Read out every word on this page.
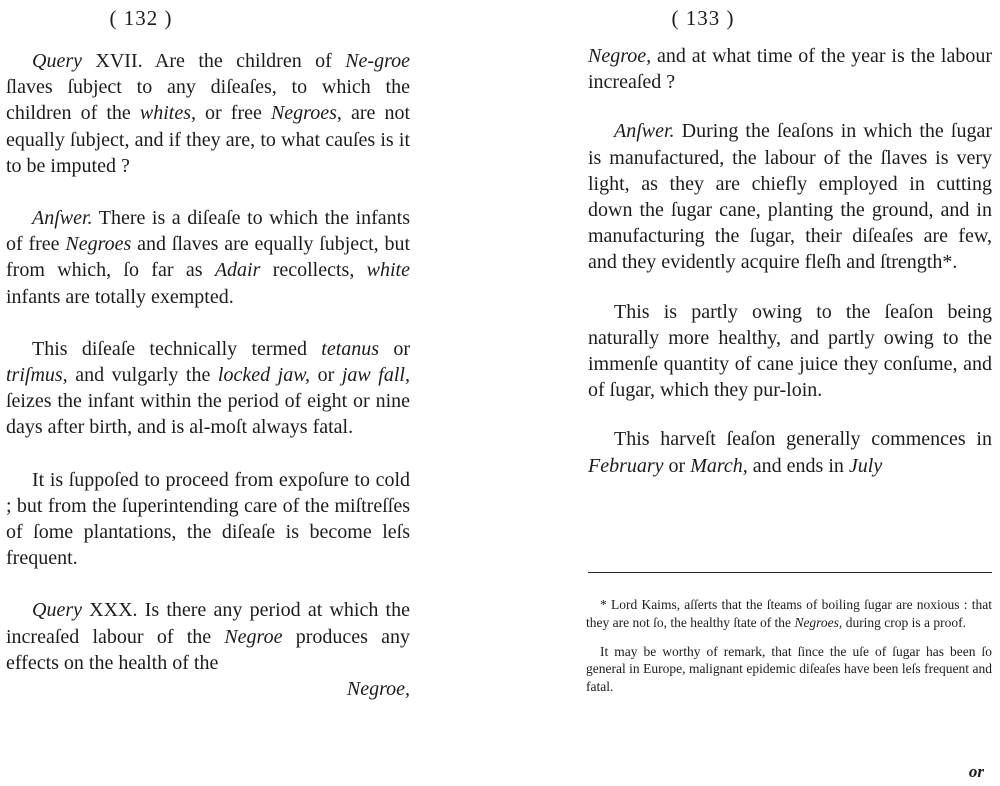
( 132 )

Query XVII. Are the children of Ne-groe ſlaves ſubject to any diſeaſes, to which the children of the whites, or free Negroes, are not equally ſubject, and if they are, to what cauſes is it to be imputed ?

Anſwer. There is a diſeaſe to which the infants of free Negroes and ſlaves are equally ſubject, but from which, ſo far as Adair recollects, white infants are totally exempted.

This diſeaſe technically termed tetanus or triſmus, and vulgarly the locked jaw, or jaw fall, ſeizes the infant within the period of eight or nine days after birth, and is al-moſt always fatal.

It is ſuppoſed to proceed from expoſure to cold ; but from the ſuperintending care of the miſtreſſes of ſome plantations, the diſeaſe is become leſs frequent.

Query XXX. Is there any period at which the increaſed labour of the Negroe produces any effects on the health of the

Negroe,

( 133 )

Negroe, and at what time of the year is the labour increaſed ?

Anſwer. During the ſeaſons in which the ſugar is manufactured, the labour of the ſlaves is very light, as they are chiefly employed in cutting down the ſugar cane, planting the ground, and in manufacturing the ſugar, their diſeaſes are few, and they evidently acquire fleſh and ſtrength*.

This is partly owing to the ſeaſon being naturally more healthy, and partly owing to the immenſe quantity of cane juice they conſume, and of ſugar, which they pur-loin.

This harveſt ſeaſon generally commences in February or March, and ends in July

* Lord Kaims, aſſerts that the ſteams of boiling ſugar are noxious : that they are not ſo, the healthy ſtate of the Negroes, during crop is a proof.

It may be worthy of remark, that ſince the uſe of ſugar has been ſo general in Europe, malignant epidemic diſeaſes have been leſs frequent and fatal.

or
